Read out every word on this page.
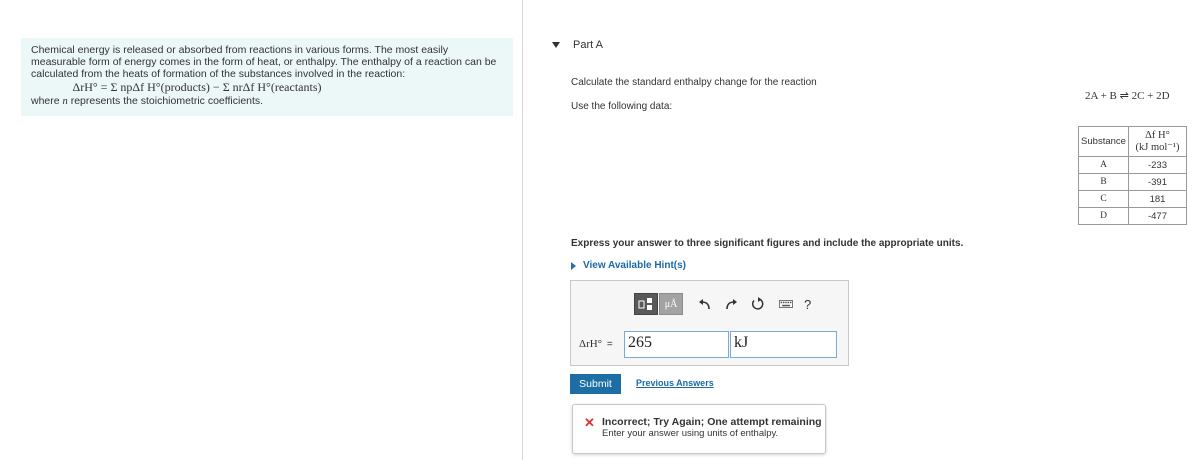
Chemical energy is released or absorbed from reactions in various forms. The most easily measurable form of energy comes in the form of heat, or enthalpy. The enthalpy of a reaction can be calculated from the heats of formation of the substances involved in the reaction:

ΔrH° = Σ npΔf H°(products) − Σ nrΔf H°(reactants)

where n represents the stoichiometric coefficients.

Part A
Calculate the standard enthalpy change for the reaction
Use the following data:
2A + B ⇌ 2C + 2D
Substance	Δf H°
(kJ mol⁻¹)

A	-233
B	-391
C	181
D	-477
Express your answer to three significant figures and include the appropriate units.
View Available Hint(s)
μÅ	?
ΔrH° = 265	kJ
Submit	Previous Answers
✕ Incorrect; Try Again; One attempt remaining
Enter your answer using units of enthalpy.
